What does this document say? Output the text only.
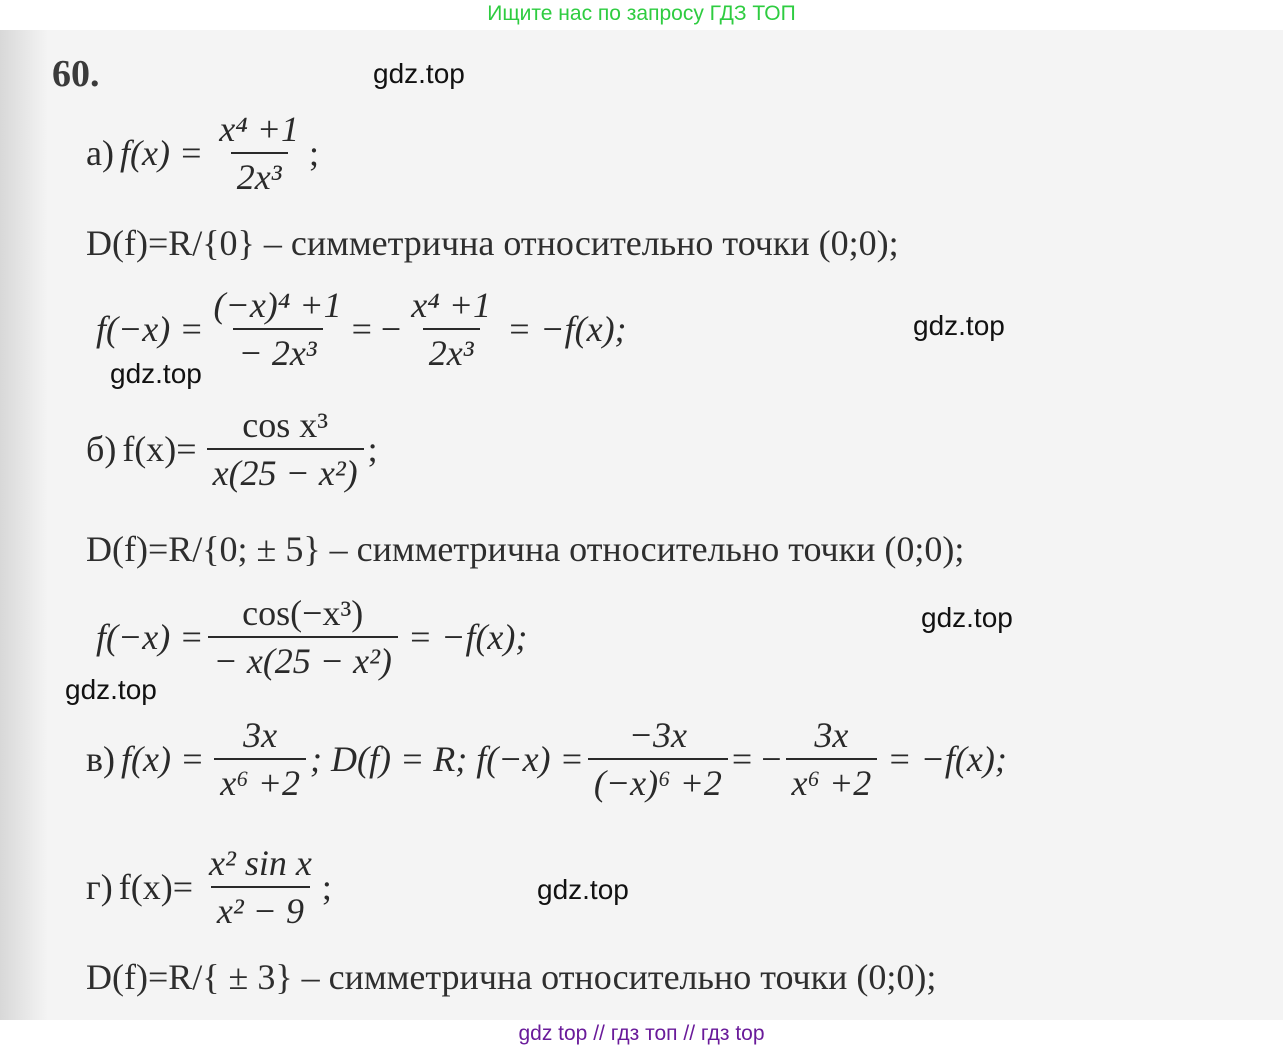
Ищите нас по запросу ГДЗ ТОП
60.	gdz.top
gdz.top
gdz.top
gdz.top
gdz.top
gdz.top
а) $f(x) = \frac{\text{x⁴ +1}}{\text{2x³}}$ ;
D(f)=R/{0} – симметрична относительно точки (0;0);
$f(-x) = \frac{\text{(−x)⁴ +1}}{\text{− 2x³}}$ = − $\frac{\text{x⁴ +1}}{\text{2x³}} = -f(x)$;
б) $f(x)= \frac{\text{cos x³}}{\text{x(25 − x²)}}$ ;
D(f)=R/{0; ± 5} – симметрична относительно точки (0;0);
$f(-x) = \frac{\text{cos(−x³)}}{\text{− x(25 − x²)}} = -f(x)$;
в) $f(x) = \frac{3x}{\text{x⁶ +2}}$ ; D(f) = R; $f(-x) = \frac{-3x}{\text{(−x)⁶ +2}}$ = − $\frac{3x}{\text{x⁶ +2}} = -f(x)$;
г) $f(x)= \frac{\text{x² sin x}}{\text{x² − 9}}$ ;
D(f)=R/{ ± 3} – симметрична относительно точки (0;0);
gdz top // гдз топ // гдз top
